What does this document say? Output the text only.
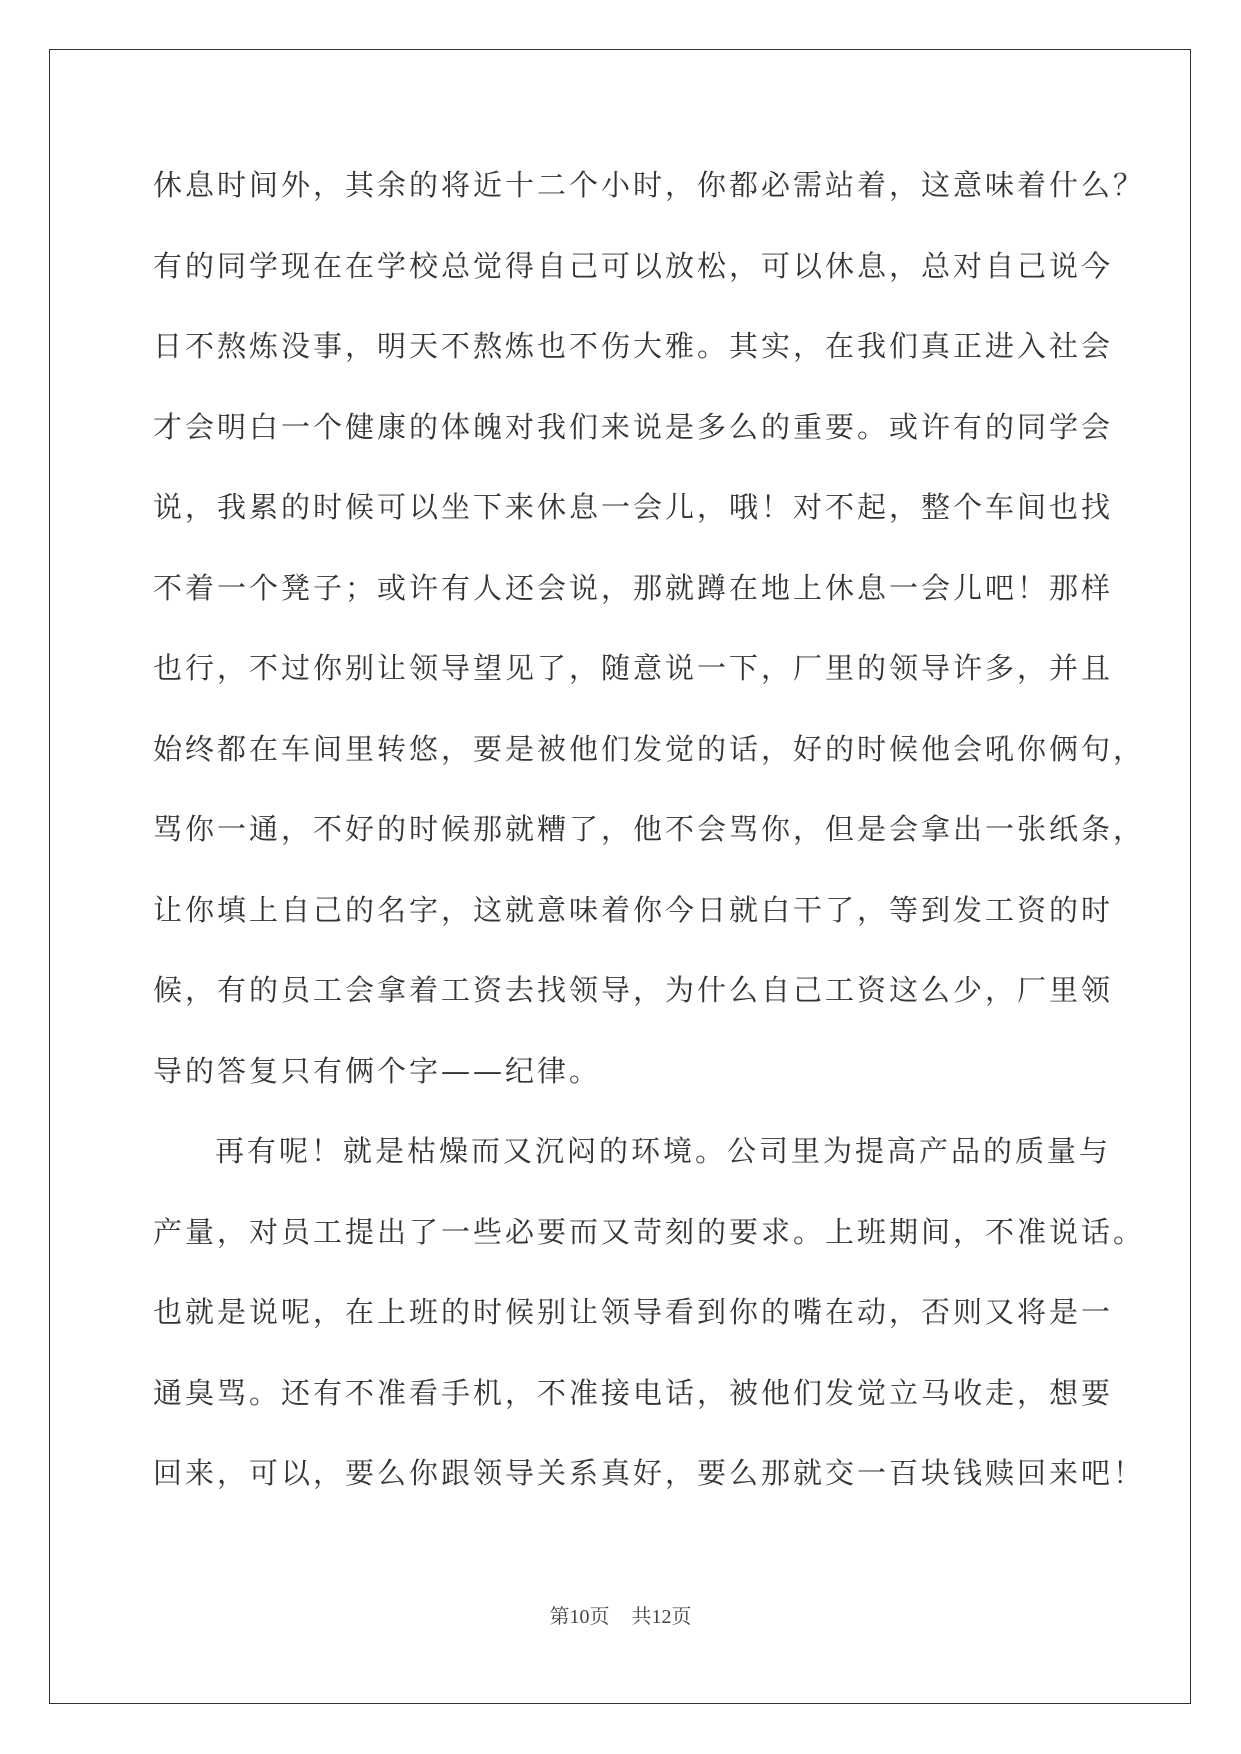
休息时间外，其余的将近十二个小时，你都必需站着，这意味着什么？
有的同学现在在学校总觉得自己可以放松，可以休息，总对自己说今
日不熬炼没事，明天不熬炼也不伤大雅。其实，在我们真正进入社会
才会明白一个健康的体魄对我们来说是多么的重要。或许有的同学会
说，我累的时候可以坐下来休息一会儿，哦！对不起，整个车间也找
不着一个凳子；或许有人还会说，那就蹲在地上休息一会儿吧！那样
也行，不过你别让领导望见了，随意说一下，厂里的领导许多，并且
始终都在车间里转悠，要是被他们发觉的话，好的时候他会吼你俩句，
骂你一通，不好的时候那就糟了，他不会骂你，但是会拿出一张纸条，
让你填上自己的名字，这就意味着你今日就白干了，等到发工资的时
候，有的员工会拿着工资去找领导，为什么自己工资这么少，厂里领
导的答复只有俩个字——纪律。
再有呢！就是枯燥而又沉闷的环境。公司里为提高产品的质量与
产量，对员工提出了一些必要而又苛刻的要求。上班期间，不准说话。
也就是说呢，在上班的时候别让领导看到你的嘴在动，否则又将是一
通臭骂。还有不准看手机，不准接电话，被他们发觉立马收走，想要
回来，可以，要么你跟领导关系真好，要么那就交一百块钱赎回来吧！
第10页 共12页
